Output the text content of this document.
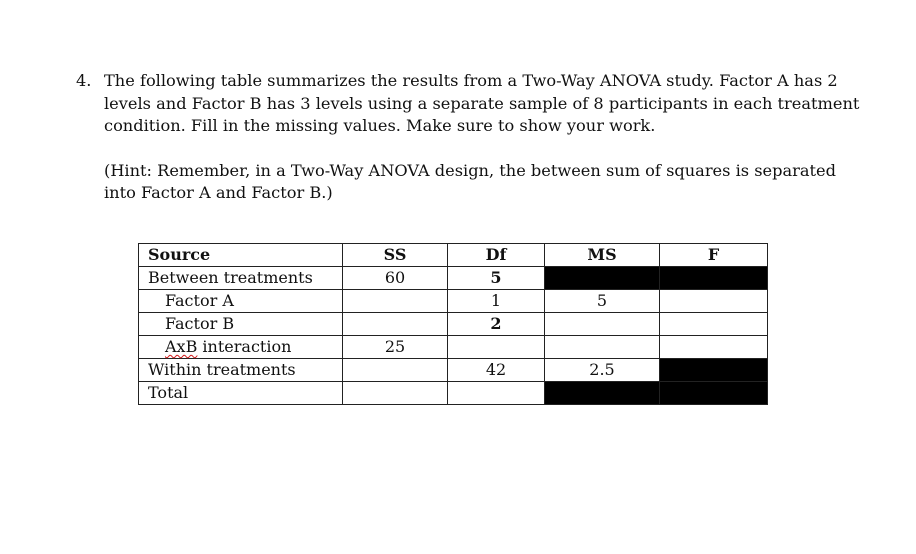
4. The following table summarizes the results from a Two-Way ANOVA study. Factor A has 2 levels and Factor B has 3 levels using a separate sample of 8 participants in each treatment condition. Fill in the missing values. Make sure to show your work.

(Hint: Remember, in a Two-Way ANOVA design, the between sum of squares is separated into Factor A and Factor B.)

Source	SS	Df	MS	F
Between treatments	60	5		
Factor A		1	5	
Factor B		2		
AxB interaction	25			
Within treatments		42	2.5	
Total				
